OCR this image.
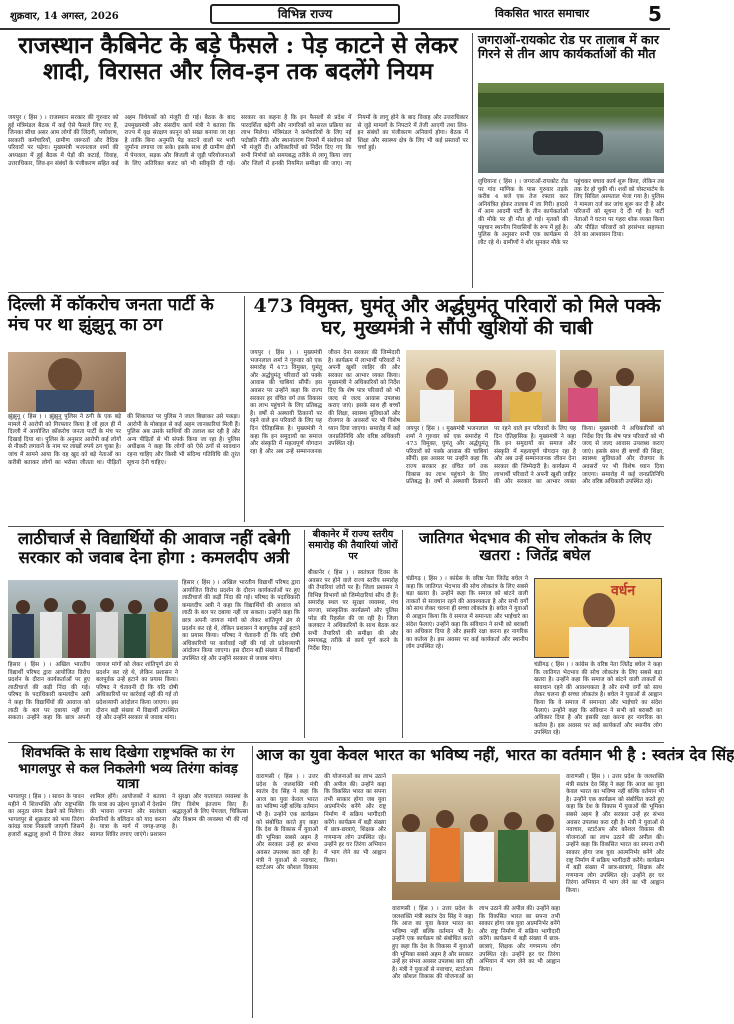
शुक्रवार, 14 अगस्त, 2026	विभिन्न राज्य	विकसित भारत समाचार	5
राजस्थान कैबिनेट के बड़े फैसले : पेड़ काटने से लेकर शादी, विरासत और लिव-इन तक बदलेंगे नियम
जयपुर ( हिंस ) । राजस्थान सरकार की गुरुवार को हुई मंत्रिमंडल बैठक में कई ऐसे फैसले लिए गए हैं, जिनका सीधा असर आम लोगों की जिंदगी, पर्यावरण, सरकारी कर्मचारियों, ग्रामीण जरूरतों और वैदिक परिवारों पर पड़ेगा। मुख्यमंत्री भजनलाल शर्मा की अध्यक्षता में हुई बैठक में पेड़ों की कटाई, विवाह, उत्तराधिकार, लिव-इन संबंधों के पंजीकरण सहित कई अहम विधेयकों को मंजूरी दी गई। बैठक के बाद उपमुख्यमंत्री और संसदीय कार्य मंत्री ने बताया कि राज्य में वृक्ष संरक्षण कानून को सख्त बनाया जा रहा है ताकि बिना अनुमति पेड़ काटने वालों पर भारी जुर्माना लगाया जा सके। इसके साथ ही ग्रामीण क्षेत्रों में पेयजल, सड़क और बिजली से जुड़ी परियोजनाओं के लिए अतिरिक्त बजट को भी स्वीकृति दी गई। सरकार का कहना है कि इन फैसलों से प्रदेश में पारदर्शिता बढ़ेगी और नागरिकों को सरल प्रक्रिया का लाभ मिलेगा। मंत्रिमंडल ने कर्मचारियों के लिए नई पदोन्नति नीति और स्थानांतरण नियमों में संशोधन को भी मंजूरी दी। अधिकारियों को निर्देश दिए गए कि सभी निर्णयों को समयबद्ध तरीके से लागू किया जाए और जिलों में इनकी नियमित समीक्षा की जाए। नए नियमों के लागू होने के बाद विवाह और उत्तराधिकार से जुड़े मामलों के निपटारे में तेजी आएगी तथा लिव-इन संबंधों का पंजीकरण अनिवार्य होगा। बैठक में शिक्षा और स्वास्थ्य क्षेत्र के लिए भी कई प्रस्तावों पर चर्चा हुई।
जगराओं-रायकोट रोड पर तालाब में कार गिरने से तीन आप कार्यकर्ताओं की मौत
लुधियाना ( हिंस ) । जगराओं-रायकोट रोड पर गांव माणिक के पास गुरुवार तड़के करीब 4 बजे एक तेज रफ्तार कार अनियंत्रित होकर तालाब में जा गिरी। हादसे में आम आदमी पार्टी के तीन कार्यकर्ताओं की मौके पर ही मौत हो गई। मृतकों की पहचान स्थानीय निवासियों के रूप में हुई है। पुलिस के अनुसार सभी एक कार्यक्रम से लौट रहे थे। ग्रामीणों ने शोर सुनकर मौके पर पहुंचकर बचाव कार्य शुरू किया, लेकिन तब तक देर हो चुकी थी। शवों को पोस्टमार्टम के लिए सिविल अस्पताल भेजा गया है। पुलिस ने मामला दर्ज कर जांच शुरू कर दी है और परिजनों को सूचना दे दी गई है। पार्टी नेताओं ने घटना पर गहरा शोक व्यक्त किया और पीड़ित परिवारों को हरसंभव सहायता देने का आश्वासन दिया।
दिल्ली में कॉकरोच जनता पार्टी के मंच पर था झुंझुनू का ठग
झुंझुनू ( हिंस ) । झुंझुनू पुलिस ने ठगी के एक बड़े मामले में आरोपी को गिरफ्तार किया है जो हाल ही में दिल्ली में आयोजित कॉकरोच जनता पार्टी के मंच पर दिखाई दिया था। पुलिस के अनुसार आरोपी कई लोगों से नौकरी लगवाने के नाम पर लाखों रुपये ठग चुका है। जांच में सामने आया कि वह खुद को बड़े नेताओं का करीबी बताकर लोगों का भरोसा जीतता था। पीड़ितों की शिकायत पर पुलिस ने जाल बिछाकर उसे पकड़ा। आरोपी के मोबाइल से कई अहम जानकारियां मिली हैं। पुलिस अब उसके साथियों की तलाश कर रही है और अन्य पीड़ितों से भी संपर्क किया जा रहा है। पुलिस अधीक्षक ने कहा कि लोगों को ऐसे ठगों से सावधान रहना चाहिए और किसी भी संदिग्ध गतिविधि की तुरंत सूचना देनी चाहिए।
473 विमुक्त, घुमंतू और अर्द्धघुमंतू परिवारों को मिले पक्के घर, मुख्यमंत्री ने सौंपी खुशियों की चाबी
जयपुर ( हिंस ) । मुख्यमंत्री भजनलाल शर्मा ने गुरुवार को एक समारोह में 473 विमुक्त, घुमंतू और अर्द्धघुमंतू परिवारों को पक्के आवास की चाबियां सौंपीं। इस अवसर पर उन्होंने कहा कि राज्य सरकार हर वंचित वर्ग तक विकास का लाभ पहुंचाने के लिए प्रतिबद्ध है। वर्षों से अस्थायी ठिकानों पर रहने वाले इन परिवारों के लिए यह दिन ऐतिहासिक है। मुख्यमंत्री ने कहा कि इन समुदायों का समाज और संस्कृति में महत्वपूर्ण योगदान रहा है और अब उन्हें सम्मानजनक जीवन देना सरकार की जिम्मेदारी है। कार्यक्रम में लाभार्थी परिवारों ने अपनी खुशी जाहिर की और सरकार का आभार व्यक्त किया। मुख्यमंत्री ने अधिकारियों को निर्देश दिए कि शेष पात्र परिवारों को भी जल्द से जल्द आवास उपलब्ध कराए जाएं। इसके साथ ही बच्चों की शिक्षा, स्वास्थ्य सुविधाओं और रोजगार के अवसरों पर भी विशेष ध्यान दिया जाएगा। समारोह में कई जनप्रतिनिधि और वरिष्ठ अधिकारी उपस्थित रहे।
जयपुर ( हिंस ) । मुख्यमंत्री भजनलाल शर्मा ने गुरुवार को एक समारोह में 473 विमुक्त, घुमंतू और अर्द्धघुमंतू परिवारों को पक्के आवास की चाबियां सौंपीं। इस अवसर पर उन्होंने कहा कि राज्य सरकार हर वंचित वर्ग तक विकास का लाभ पहुंचाने के लिए प्रतिबद्ध है। वर्षों से अस्थायी ठिकानों पर रहने वाले इन परिवारों के लिए यह दिन ऐतिहासिक है। मुख्यमंत्री ने कहा कि इन समुदायों का समाज और संस्कृति में महत्वपूर्ण योगदान रहा है और अब उन्हें सम्मानजनक जीवन देना सरकार की जिम्मेदारी है। कार्यक्रम में लाभार्थी परिवारों ने अपनी खुशी जाहिर की और सरकार का आभार व्यक्त किया। मुख्यमंत्री ने अधिकारियों को निर्देश दिए कि शेष पात्र परिवारों को भी जल्द से जल्द आवास उपलब्ध कराए जाएं। इसके साथ ही बच्चों की शिक्षा, स्वास्थ्य सुविधाओं और रोजगार के अवसरों पर भी विशेष ध्यान दिया जाएगा। समारोह में कई जनप्रतिनिधि और वरिष्ठ अधिकारी उपस्थित रहे।
लाठीचार्ज से विद्यार्थियों की आवाज नहीं दबेगी सरकार को जवाब देना होगा : कमलदीप अत्री
हिसार ( हिंस ) । अखिल भारतीय विद्यार्थी परिषद द्वारा आयोजित विरोध प्रदर्शन के दौरान कार्यकर्ताओं पर हुए लाठीचार्ज की कड़ी निंदा की गई। परिषद के पदाधिकारी कमलदीप अत्री ने कहा कि विद्यार्थियों की आवाज को लाठी के बल पर दबाया नहीं जा सकता। उन्होंने कहा कि छात्र अपनी जायज मांगों को लेकर शांतिपूर्ण ढंग से प्रदर्शन कर रहे थे, लेकिन प्रशासन ने बलपूर्वक उन्हें हटाने का प्रयास किया। परिषद ने चेतावनी दी कि यदि दोषी अधिकारियों पर कार्रवाई नहीं की गई तो प्रदेशव्यापी आंदोलन किया जाएगा। इस दौरान बड़ी संख्या में विद्यार्थी उपस्थित रहे और उन्होंने सरकार से जवाब मांगा।
हिसार ( हिंस ) । अखिल भारतीय विद्यार्थी परिषद द्वारा आयोजित विरोध प्रदर्शन के दौरान कार्यकर्ताओं पर हुए लाठीचार्ज की कड़ी निंदा की गई। परिषद के पदाधिकारी कमलदीप अत्री ने कहा कि विद्यार्थियों की आवाज को लाठी के बल पर दबाया नहीं जा सकता। उन्होंने कहा कि छात्र अपनी जायज मांगों को लेकर शांतिपूर्ण ढंग से प्रदर्शन कर रहे थे, लेकिन प्रशासन ने बलपूर्वक उन्हें हटाने का प्रयास किया। परिषद ने चेतावनी दी कि यदि दोषी अधिकारियों पर कार्रवाई नहीं की गई तो प्रदेशव्यापी आंदोलन किया जाएगा। इस दौरान बड़ी संख्या में विद्यार्थी उपस्थित रहे और उन्होंने सरकार से जवाब मांगा।
बीकानेर में राज्य स्तरीय समारोह की तैयारियां जोरों पर
बीकानेर ( हिंस ) । स्वतंत्रता दिवस के अवसर पर होने वाले राज्य स्तरीय समारोह की तैयारियां जोरों पर हैं। जिला प्रशासन ने विभिन्न विभागों को जिम्मेदारियां सौंप दी हैं। समारोह स्थल पर सुरक्षा व्यवस्था, मंच सज्जा, सांस्कृतिक कार्यक्रमों और पुलिस परेड की रिहर्सल की जा रही है। जिला कलक्टर ने अधिकारियों के साथ बैठक कर सभी तैयारियों की समीक्षा की और समयबद्ध तरीके से कार्य पूर्ण करने के निर्देश दिए।
जातिगत भेदभाव की सोच लोकतंत्र के लिए खतरा : जितेंद्र बघेल
चंडीगढ़ ( हिंस ) । कांग्रेस के वरिष्ठ नेता जितेंद्र बघेल ने कहा कि जातिगत भेदभाव की सोच लोकतंत्र के लिए सबसे बड़ा खतरा है। उन्होंने कहा कि समाज को बांटने वाली ताकतों से सावधान रहने की आवश्यकता है और सभी वर्गों को साथ लेकर चलना ही सच्चा लोकतंत्र है। बघेल ने युवाओं से आह्वान किया कि वे समाज में समानता और भाईचारे का संदेश फैलाएं। उन्होंने कहा कि संविधान ने सभी को बराबरी का अधिकार दिया है और इसकी रक्षा करना हर नागरिक का कर्तव्य है। इस अवसर पर कई कार्यकर्ता और स्थानीय लोग उपस्थित रहे।
वर्धन
चंडीगढ़ ( हिंस ) । कांग्रेस के वरिष्ठ नेता जितेंद्र बघेल ने कहा कि जातिगत भेदभाव की सोच लोकतंत्र के लिए सबसे बड़ा खतरा है। उन्होंने कहा कि समाज को बांटने वाली ताकतों से सावधान रहने की आवश्यकता है और सभी वर्गों को साथ लेकर चलना ही सच्चा लोकतंत्र है। बघेल ने युवाओं से आह्वान किया कि वे समाज में समानता और भाईचारे का संदेश फैलाएं। उन्होंने कहा कि संविधान ने सभी को बराबरी का अधिकार दिया है और इसकी रक्षा करना हर नागरिक का कर्तव्य है। इस अवसर पर कई कार्यकर्ता और स्थानीय लोग उपस्थित रहे।
शिवभक्ति के साथ दिखेगा राष्ट्रभक्ति का रंग भागलपुर से कल निकलेगी भव्य तिरंगा कांवड़ यात्रा
भागलपुर ( हिंस ) । सावन के पावन महीने में शिवभक्ति और राष्ट्रभक्ति का अनूठा संगम देखने को मिलेगा। भागलपुर से शुक्रवार को भव्य तिरंगा कांवड़ यात्रा निकाली जाएगी जिसमें हजारों श्रद्धालु हाथों में तिरंगा लेकर शामिल होंगे। आयोजकों ने बताया कि यात्रा का उद्देश्य युवाओं में देशप्रेम की भावना जगाना और स्वतंत्रता सेनानियों के बलिदान को याद करना है। यात्रा के मार्ग में जगह-जगह स्वागत शिविर लगाए जाएंगे। प्रशासन ने सुरक्षा और यातायात व्यवस्था के लिए विशेष इंतजाम किए हैं। श्रद्धालुओं के लिए पेयजल, चिकित्सा और विश्राम की व्यवस्था भी की गई है।
आज का युवा केवल भारत का भविष्य नहीं, भारत का वर्तमान भी है : स्वतंत्र देव सिंह
वाराणसी ( हिंस ) । उत्तर प्रदेश के जलशक्ति मंत्री स्वतंत्र देव सिंह ने कहा कि आज का युवा केवल भारत का भविष्य नहीं बल्कि वर्तमान भी है। उन्होंने एक कार्यक्रम को संबोधित करते हुए कहा कि देश के विकास में युवाओं की भूमिका सबसे अहम है और सरकार उन्हें हर संभव अवसर उपलब्ध करा रही है। मंत्री ने युवाओं से नवाचार, स्टार्टअप और कौशल विकास की योजनाओं का लाभ उठाने की अपील की। उन्होंने कहा कि विकसित भारत का सपना तभी साकार होगा जब युवा आत्मनिर्भर बनेंगे और राष्ट्र निर्माण में सक्रिय भागीदारी करेंगे। कार्यक्रम में बड़ी संख्या में छात्र-छात्राएं, शिक्षक और गणमान्य लोग उपस्थित रहे। उन्होंने हर घर तिरंगा अभियान में भाग लेने का भी आह्वान किया।
वाराणसी ( हिंस ) । उत्तर प्रदेश के जलशक्ति मंत्री स्वतंत्र देव सिंह ने कहा कि आज का युवा केवल भारत का भविष्य नहीं बल्कि वर्तमान भी है। उन्होंने एक कार्यक्रम को संबोधित करते हुए कहा कि देश के विकास में युवाओं की भूमिका सबसे अहम है और सरकार उन्हें हर संभव अवसर उपलब्ध करा रही है। मंत्री ने युवाओं से नवाचार, स्टार्टअप और कौशल विकास की योजनाओं का लाभ उठाने की अपील की। उन्होंने कहा कि विकसित भारत का सपना तभी साकार होगा जब युवा आत्मनिर्भर बनेंगे और राष्ट्र निर्माण में सक्रिय भागीदारी करेंगे। कार्यक्रम में बड़ी संख्या में छात्र-छात्राएं, शिक्षक और गणमान्य लोग उपस्थित रहे। उन्होंने हर घर तिरंगा अभियान में भाग लेने का भी आह्वान किया।
वाराणसी ( हिंस ) । उत्तर प्रदेश के जलशक्ति मंत्री स्वतंत्र देव सिंह ने कहा कि आज का युवा केवल भारत का भविष्य नहीं बल्कि वर्तमान भी है। उन्होंने एक कार्यक्रम को संबोधित करते हुए कहा कि देश के विकास में युवाओं की भूमिका सबसे अहम है और सरकार उन्हें हर संभव अवसर उपलब्ध करा रही है। मंत्री ने युवाओं से नवाचार, स्टार्टअप और कौशल विकास की योजनाओं का लाभ उठाने की अपील की। उन्होंने कहा कि विकसित भारत का सपना तभी साकार होगा जब युवा आत्मनिर्भर बनेंगे और राष्ट्र निर्माण में सक्रिय भागीदारी करेंगे। कार्यक्रम में बड़ी संख्या में छात्र-छात्राएं, शिक्षक और गणमान्य लोग उपस्थित रहे। उन्होंने हर घर तिरंगा अभियान में भाग लेने का भी आह्वान किया।
